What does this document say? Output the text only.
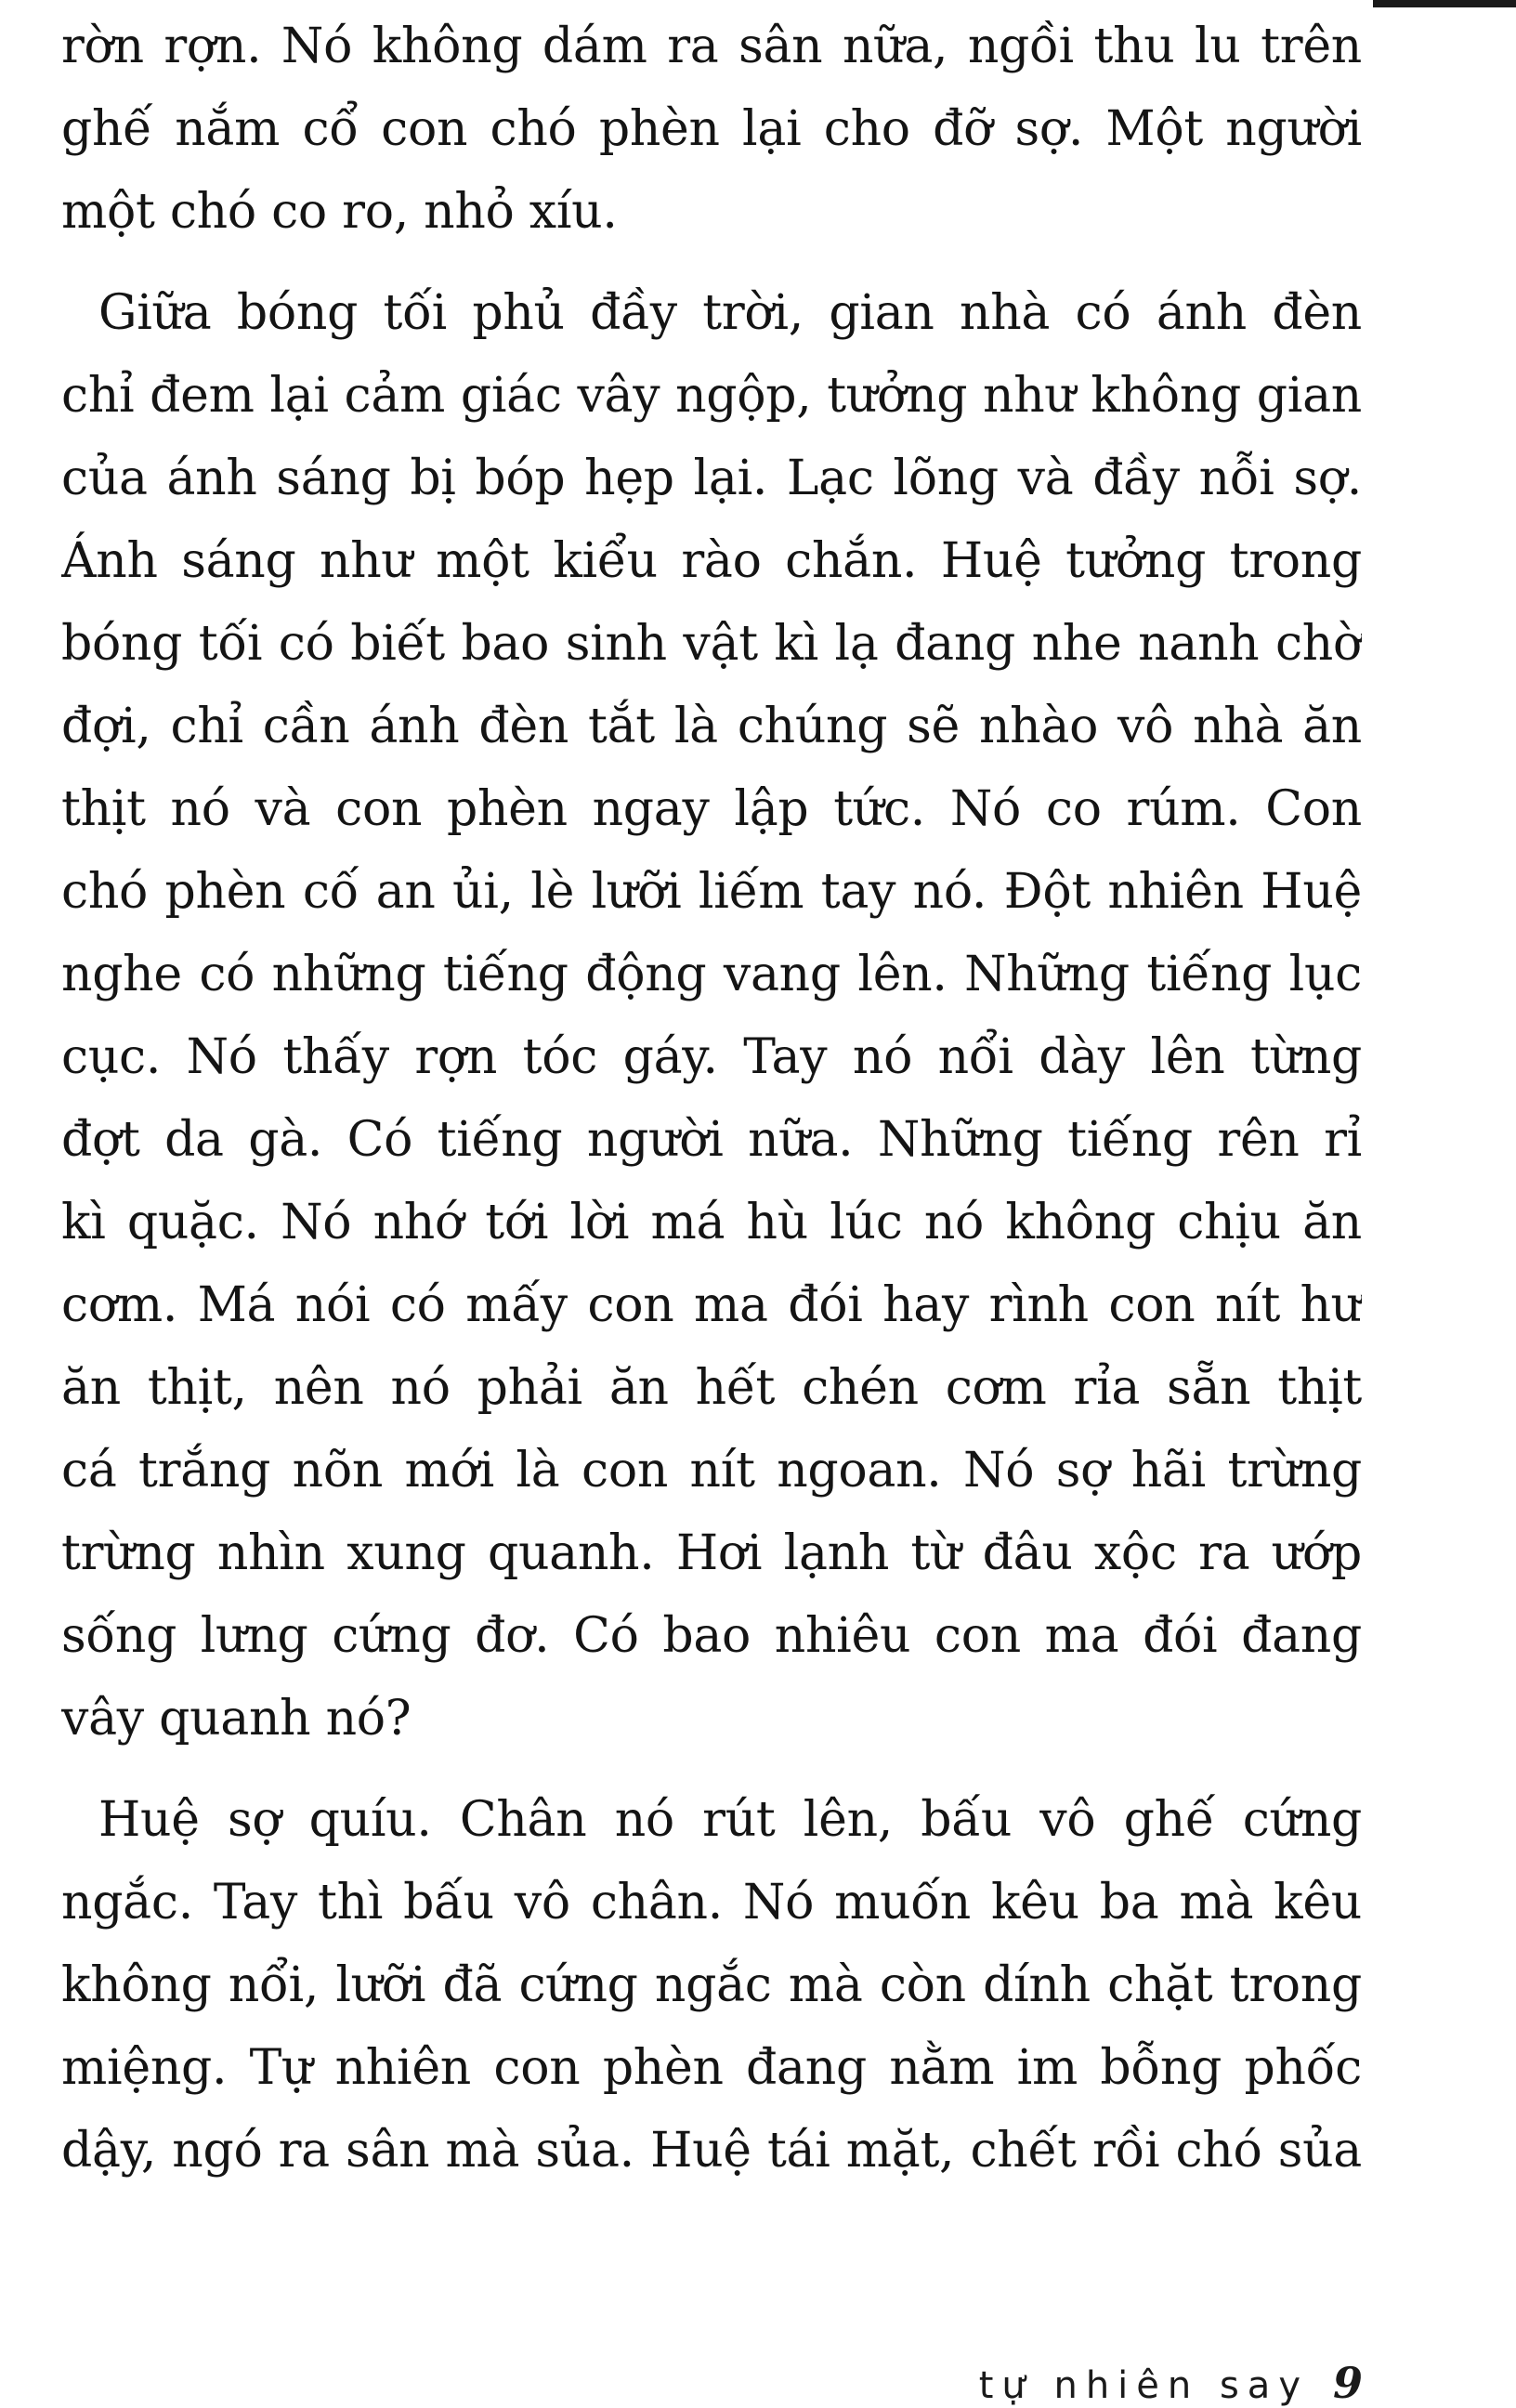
rờn rợn. Nó không dám ra sân nữa, ngồi thu lu trên
ghế nắm cổ con chó phèn lại cho đỡ sợ. Một người
một chó co ro, nhỏ xíu.
Giữa bóng tối phủ đầy trời, gian nhà có ánh đèn
chỉ đem lại cảm giác vây ngộp, tưởng như không gian
của ánh sáng bị bóp hẹp lại. Lạc lõng và đầy nỗi sợ.
Ánh sáng như một kiểu rào chắn. Huệ tưởng trong
bóng tối có biết bao sinh vật kì lạ đang nhe nanh chờ
đợi, chỉ cần ánh đèn tắt là chúng sẽ nhào vô nhà ăn
thịt nó và con phèn ngay lập tức. Nó co rúm. Con
chó phèn cố an ủi, lè lưỡi liếm tay nó. Đột nhiên Huệ
nghe có những tiếng động vang lên. Những tiếng lục
cục. Nó thấy rợn tóc gáy. Tay nó nổi dày lên từng
đợt da gà. Có tiếng người nữa. Những tiếng rên rỉ
kì quặc. Nó nhớ tới lời má hù lúc nó không chịu ăn
cơm. Má nói có mấy con ma đói hay rình con nít hư
ăn thịt, nên nó phải ăn hết chén cơm rỉa sẵn thịt
cá trắng nõn mới là con nít ngoan. Nó sợ hãi trừng
trừng nhìn xung quanh. Hơi lạnh từ đâu xộc ra ướp
sống lưng cứng đơ. Có bao nhiêu con ma đói đang
vây quanh nó?
Huệ sợ quíu. Chân nó rút lên, bấu vô ghế cứng
ngắc. Tay thì bấu vô chân. Nó muốn kêu ba mà kêu
không nổi, lưỡi đã cứng ngắc mà còn dính chặt trong
miệng. Tự nhiên con phèn đang nằm im bỗng phốc
dậy, ngó ra sân mà sủa. Huệ tái mặt, chết rồi chó sủa
tự nhiên say 9
